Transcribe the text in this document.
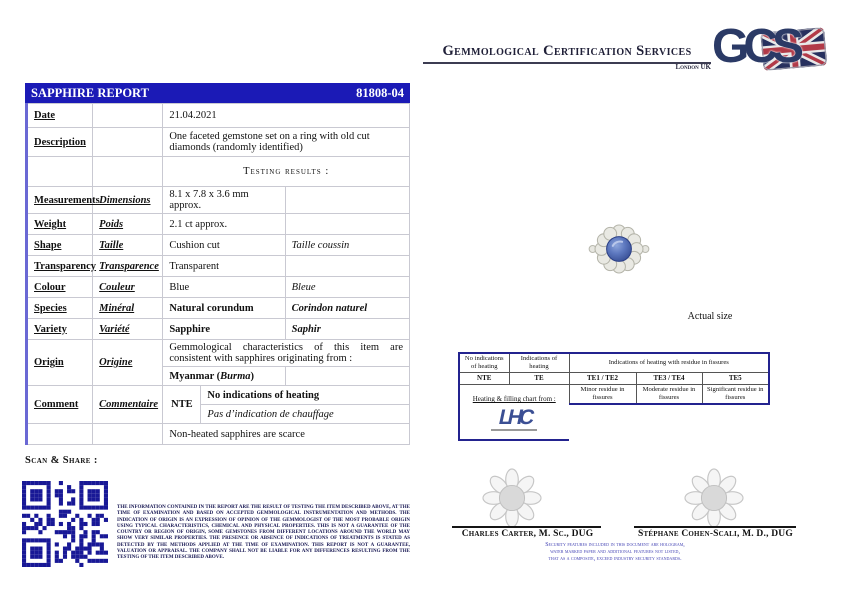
Gemmological Certification Services
London UK GCS
SAPPHIRE REPORT	81808-04
Date		21.04.2021		
Description		One faceted gemstone set on a ring with old cut diamonds (randomly identified)		
		Testing results :		
Measurements	Dimensions	8.1 x 7.8 x 3.6 mm approx.		
Weight	Poids	2.1 ct approx.		
Shape	Taille	Cushion cut		Taille coussin
Transparency	Transparence	Transparent		
Colour	Couleur	Blue		Bleue
Species	Minéral	Natural corundum		Corindon naturel
Variety	Variété	Sapphire		Saphir
Origin	Origine	Gemmological characteristics of this item are consistent with sapphires originating from :		
		Myanmar (Burma)		
Comment	Commentaire	NTE	No indications of heating	
			Pas d’indication de chauffage	
		Non-heated sapphires are scarce		
Actual size
No indications of heating	Indications of heating	Indications of heating with residue in fissures		
NTE	TE	TE1 / TE2	TE3 / TE4	TE5

Heating & filling chart from :
LHC		Minor residue in fissures	Moderate residue in fissures	Significant residue in fissures

Scan & Share :
THE INFORMATION CONTAINED IN THE REPORT ARE THE RESULT OF TESTING THE ITEM DESCRIBED ABOVE, AT THE TIME OF EXAMINATION AND BASED ON ACCEPTED GEMMOLOGICAL INSTRUMENTATION AND METHODS. THE INDICATION OF ORIGIN IS AN EXPRESSION OF OPINION OF THE GEMMOLOGIST OF THE MOST PROBABLE ORIGIN USING TYPICAL CHARACTERISTICS, CHEMICAL AND PHYSICAL PROPERTIES. THIS IS NOT A GUARANTEE OF THE COUNTRY OR REGION OF ORIGIN, SOME GEMSTONES FROM DIFFERENT LOCATIONS AROUND THE WORLD MAY SHOW VERY SIMILAR PROPERTIES. THE PRESENCE OR ABSENCE OF INDICATIONS OF TREATMENTS IS STATED AS DETECTED BY THE METHODS APPLIED AT THE TIME OF EXAMINATION. THIS REPORT IS NOT A GUARANTEE, VALUATION OR APPRAISAL. THE COMPANY SHALL NOT BE LIABLE FOR ANY DIFFERENCES RESULTING FROM THE TESTING OF THE ITEM DESCRIBED ABOVE.
Charles Carter, M. Sc., DUG	Stéphane Cohen-Scali, M. D., DUG
Security features included in this document are hologram,
water marked paper and additional features not listed,
that as a composite, exceed industry security standards.
